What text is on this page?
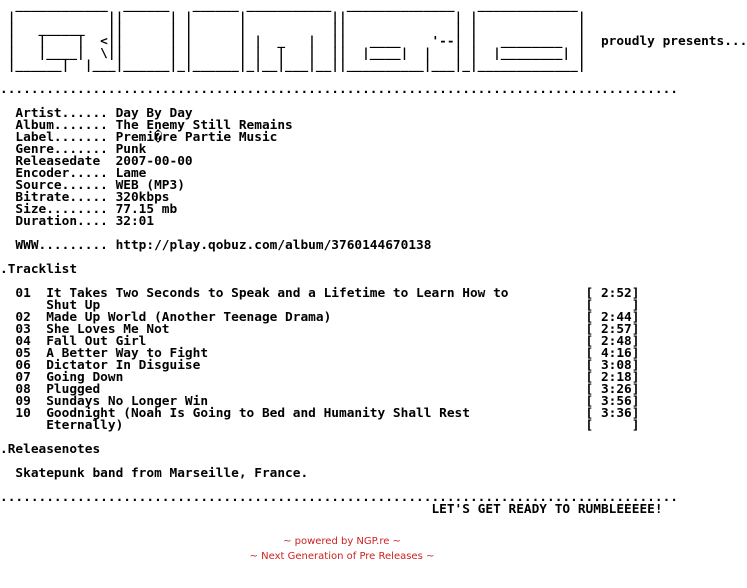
____________  ______   ______ ___________  ______________   _____________
|            ||      | |      |           ||              | |             |
|   ______   ||      | |      |           ||              | |             |
|   |    |  <||      | |      | |  _   |  ||   ____    '--| |   ________  |  proudly presents...
|   |____|  \||      | |      | |  |   |  ||  |____|  |   | |  |________| |
|______|  |___|______|_|______|_|__|___|__||__________|___|_|_____________|
........................................................................................
Artist...... Day By Day
Album....... The Enemy Still Remains
Label....... Premi�re Partie Music
Genre....... Punk
Releasedate  2007-00-00
Encoder..... Lame
Source...... WEB (MP3)
Bitrate..... 320kbps
Size........ 77.15 mb
Duration.... 32:01
WWW......... http://play.qobuz.com/album/3760144670138
.Tracklist
01  It Takes Two Seconds to Speak and a Lifetime to Learn How to          [ 2:52]
Shut Up                                                               [     ]
02  Made Up World (Another Teenage Drama)                                 [ 2:44]
03  She Loves Me Not                                                      [ 2:57]
04  Fall Out Girl                                                         [ 2:48]
05  A Better Way to Fight                                                 [ 4:16]
06  Dictator In Disguise                                                  [ 3:08]
07  Going Down                                                            [ 2:18]
08  Plugged                                                               [ 3:26]
09  Sundays No Longer Win                                                 [ 3:56]
10  Goodnight (Noah Is Going to Bed and Humanity Shall Rest               [ 3:36]
Eternally)                                                            [     ]
.Releasenotes
Skatepunk band from Marseille, France.
........................................................................................
LET'S GET READY TO RUMBLEEEEE!
~ powered by NGP.re ~
~ Next Generation of Pre Releases ~
